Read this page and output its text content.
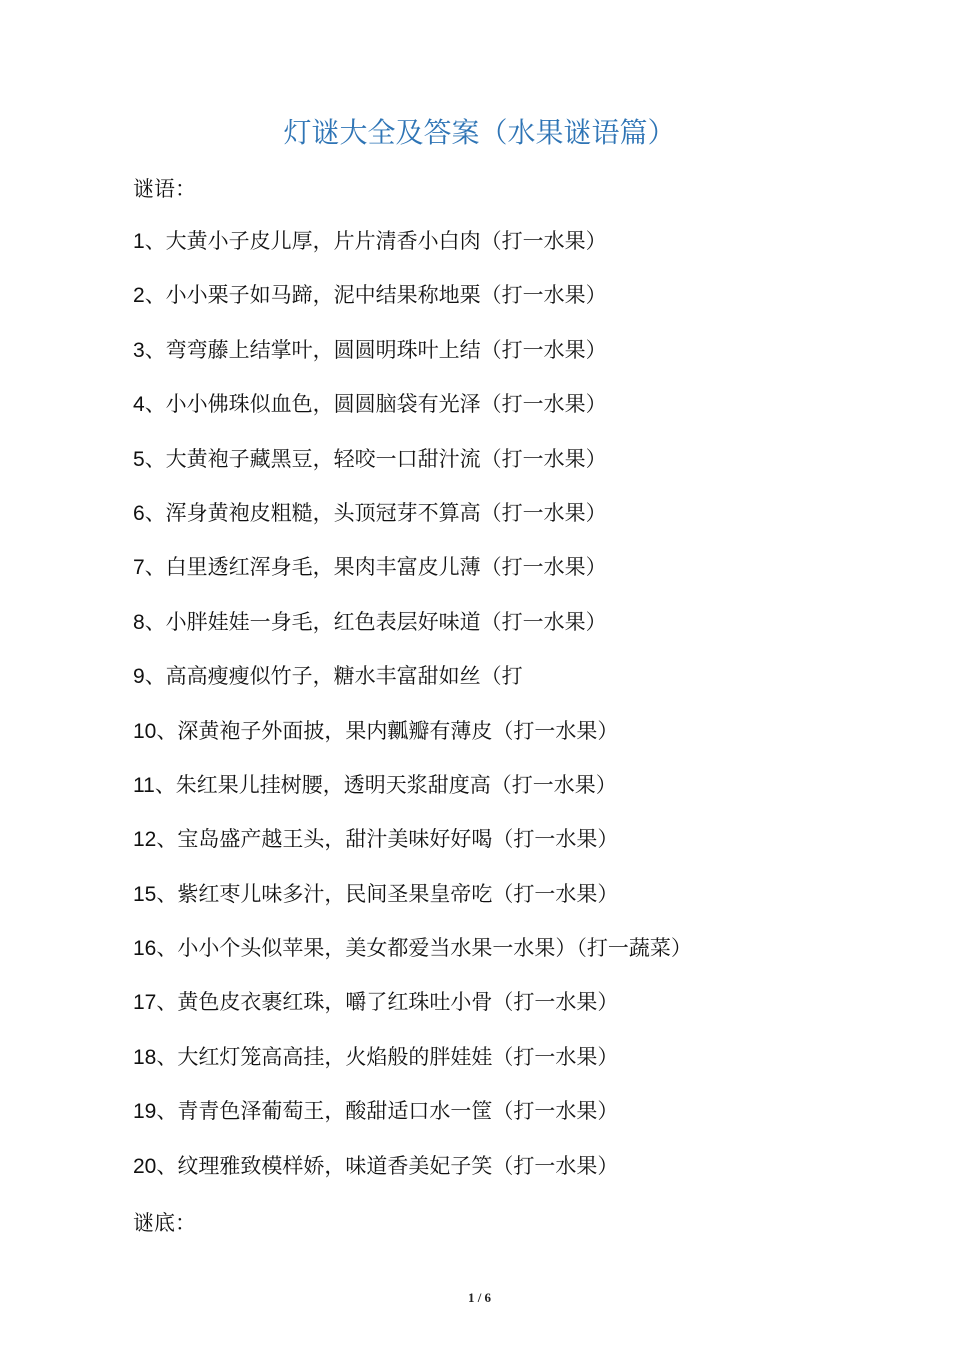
灯谜大全及答案（水果谜语篇）
谜语：
1、大黄小子皮儿厚，片片清香小白肉（打一水果）
2、小小栗子如马蹄，泥中结果称地栗（打一水果）
3、弯弯藤上结掌叶，圆圆明珠叶上结（打一水果）
4、小小佛珠似血色，圆圆脑袋有光泽（打一水果）
5、大黄袍子藏黑豆，轻咬一口甜汁流（打一水果）
6、浑身黄袍皮粗糙，头顶冠芽不算高（打一水果）
7、白里透红浑身毛，果肉丰富皮儿薄（打一水果）
8、小胖娃娃一身毛，红色表层好味道（打一水果）
9、高高瘦瘦似竹子，糖水丰富甜如丝（打
10、深黄袍子外面披，果内瓤瓣有薄皮（打一水果）
11、朱红果儿挂树腰，透明天浆甜度高（打一水果）
12、宝岛盛产越王头，甜汁美味好好喝（打一水果）
15、紫红枣儿味多汁，民间圣果皇帝吃（打一水果）
16、小小个头似苹果，美女都爱当水果一水果）（打一蔬菜）
17、黄色皮衣裹红珠，嚼了红珠吐小骨（打一水果）
18、大红灯笼高高挂，火焰般的胖娃娃（打一水果）
19、青青色泽葡萄王，酸甜适口水一筐（打一水果）
20、纹理雅致模样娇，味道香美妃子笑（打一水果）
谜底：
1 / 6
